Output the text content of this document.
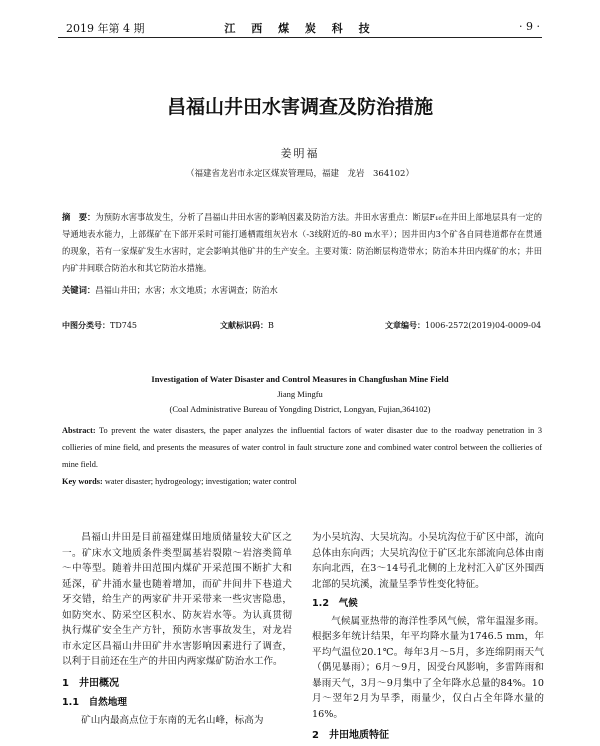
2019 年第 4 期	江 西 煤 炭 科 技	· 9 ·
昌福山井田水害调查及防治措施
姜明福
（福建省龙岩市永定区煤炭管理局，福建　龙岩　364102）
摘　要：为预防水害事故发生，分析了昌福山井田水害的影响因素及防治方法。井田水害重点：断层F₁₆在井田上部地层具有一定的导通地表水能力，上部煤矿在下部开采时可能打通栖霞组灰岩水（-3线附近的-80 m水平）；因井田内3个矿各自同巷道都存在贯通的现象，若有一家煤矿发生水害时，定会影响其他矿井的生产安全。主要对策：防治断层构造带水；防治本井田内煤矿的水；井田内矿井间联合防治水和其它防治水措施。
关键词：昌福山井田；水害；水文地质；水害调查；防治水
中图分类号：TD745	文献标识码：B	文章编号：1006-2572(2019)04-0009-04
Investigation of Water Disaster and Control Measures in Changfushan Mine Field
Jiang Mingfu
(Coal Administrative Bureau of Yongding District, Longyan, Fujian,364102)
Abstract: To prevent the water disasters, the paper analyzes the influential factors of water disaster due to the roadway penetration in 3 collieries of mine field, and presents the measures of water control in fault structure zone and combined water control between the collieries of mine field.
Key words: water disaster; hydrogeology; investigation; water control

昌福山井田是目前福建煤田地质储量较大矿区之一。矿床水文地质条件类型属基岩裂隙～岩溶类简单～中等型。随着井田范围内煤矿开采范围不断扩大和延深，矿井涌水量也随着增加，而矿井间井下巷道犬牙交错，给生产的两家矿井开采带来一些灾害隐患，如防突水、防采空区积水、防灰岩水等。为认真贯彻执行煤矿安全生产方针，预防水害事故发生，对龙岩市永定区昌福山井田矿井水害影响因素进行了调查，以利于目前还在生产的井田内两家煤矿防治水工作。

1　井田概况
1.1　自然地理

矿山内最高点位于东南的无名山峰，标高为

为小吴坑沟、大吴坑沟。小吴坑沟位于矿区中部，流向总体由东向西；大吴坑沟位于矿区北东部流向总体由南东向北西，在3～14号孔北侧的上龙村汇入矿区外围西北部的吴坑溪，流量呈季节性变化特征。

1.2　气候

气候属亚热带的海洋性季风气候，常年温湿多雨。根据多年统计结果，年平均降水量为1746.5 mm，年平均气温位20.1℃。每年3月～5月，多连绵阴雨天气（偶见暴雨）；6月～9月，因受台风影响，多雷阵雨和暴雨天气，3月～9月集中了全年降水总量的84%。10月～翌年2月为旱季，雨量少，仅白占全年降水量的16%。

2　井田地质特征
